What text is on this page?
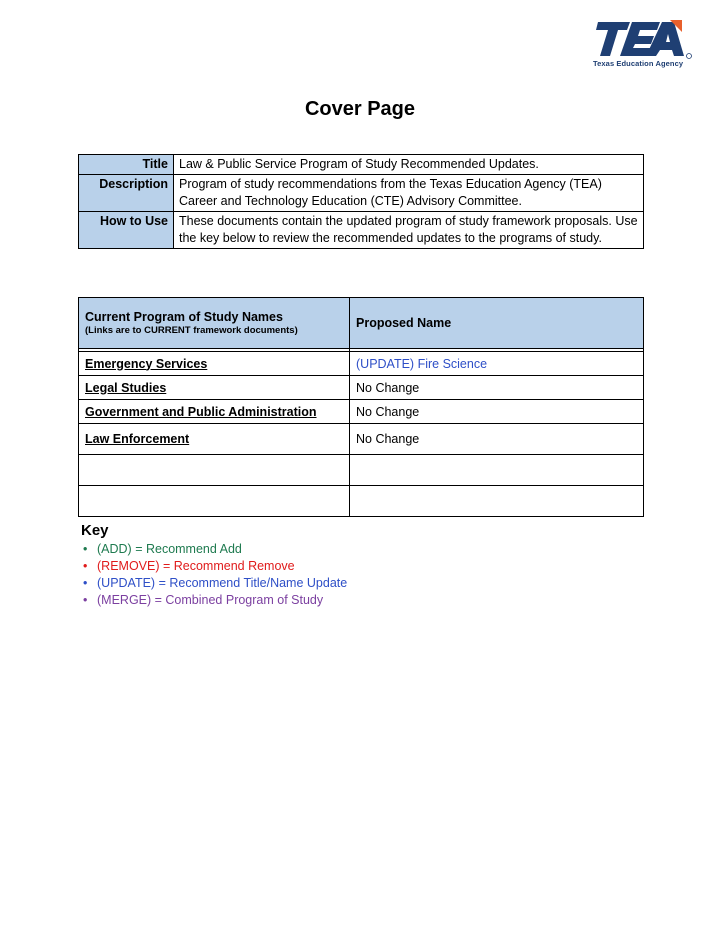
Texas Education Agency
Cover Page
Title	Law & Public Service Program of Study Recommended Updates.
Description	Program of study recommendations from the Texas Education Agency (TEA) Career and Technology Education (CTE) Advisory Committee.
How to Use	These documents contain the updated program of study framework proposals. Use the key below to review the recommended updates to the programs of study.
Current Program of Study Names
(Links are to CURRENT framework documents)	Proposed Name

Emergency Services	(UPDATE) Fire Science
Legal Studies	No Change
Government and Public Administration	No Change
Law Enforcement	No Change

Key
• (ADD) = Recommend Add
• (REMOVE) = Recommend Remove
• (UPDATE) = Recommend Title/Name Update
• (MERGE) = Combined Program of Study
